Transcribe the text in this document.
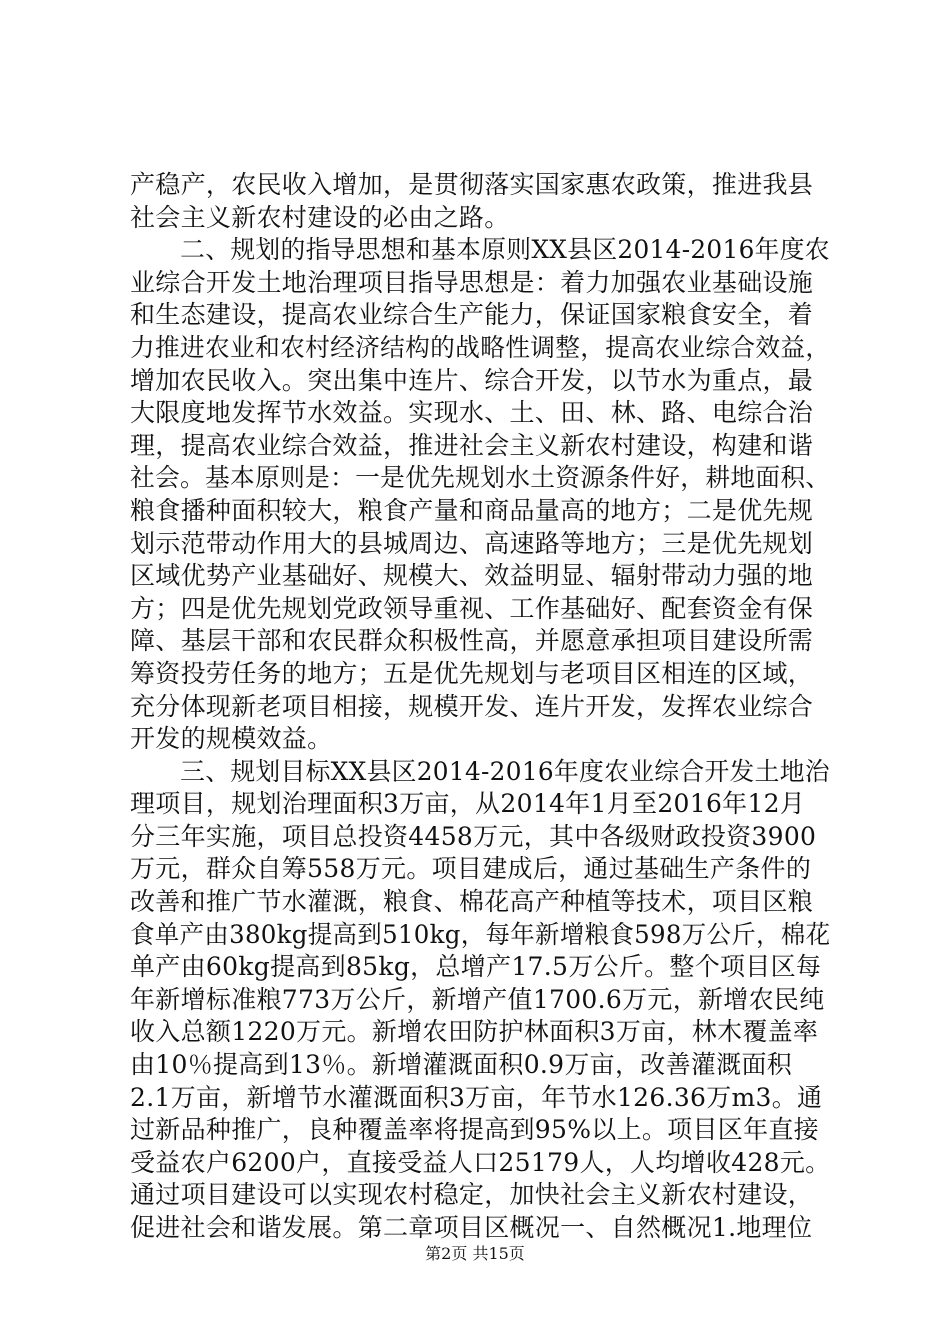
产稳产，农民收入增加，是贯彻落实国家惠农政策，推进我县
社会主义新农村建设的必由之路。
　　二、规划的指导思想和基本原则XX县区2014-2016年度农
业综合开发土地治理项目指导思想是：着力加强农业基础设施
和生态建设，提高农业综合生产能力，保证国家粮食安全，着
力推进农业和农村经济结构的战略性调整，提高农业综合效益，
增加农民收入。突出集中连片、综合开发，以节水为重点，最
大限度地发挥节水效益。实现水、土、田、林、路、电综合治
理，提高农业综合效益，推进社会主义新农村建设，构建和谐
社会。基本原则是：一是优先规划水土资源条件好，耕地面积、
粮食播种面积较大，粮食产量和商品量高的地方；二是优先规
划示范带动作用大的县城周边、高速路等地方；三是优先规划
区域优势产业基础好、规模大、效益明显、辐射带动力强的地
方；四是优先规划党政领导重视、工作基础好、配套资金有保
障、基层干部和农民群众积极性高，并愿意承担项目建设所需
筹资投劳任务的地方；五是优先规划与老项目区相连的区域，
充分体现新老项目相接，规模开发、连片开发，发挥农业综合
开发的规模效益。
　　三、规划目标XX县区2014-2016年度农业综合开发土地治
理项目，规划治理面积3万亩，从2014年1月至2016年12月
分三年实施，项目总投资4458万元，其中各级财政投资3900
万元，群众自筹558万元。项目建成后，通过基础生产条件的
改善和推广节水灌溉，粮食、棉花高产种植等技术，项目区粮
食单产由380kg提高到510kg，每年新增粮食598万公斤，棉花
单产由60kg提高到85kg，总增产17.5万公斤。整个项目区每
年新增标准粮773万公斤，新增产值1700.6万元，新增农民纯
收入总额1220万元。新增农田防护林面积3万亩，林木覆盖率
由10％提高到13％。新增灌溉面积0.9万亩，改善灌溉面积
2.1万亩，新增节水灌溉面积3万亩，年节水126.36万m3。通
过新品种推广，良种覆盖率将提高到95%以上。项目区年直接
受益农户6200户，直接受益人口25179人，人均增收428元。
通过项目建设可以实现农村稳定，加快社会主义新农村建设，
促进社会和谐发展。第二章项目区概况一、自然概况1.地理位
第2页 共15页
